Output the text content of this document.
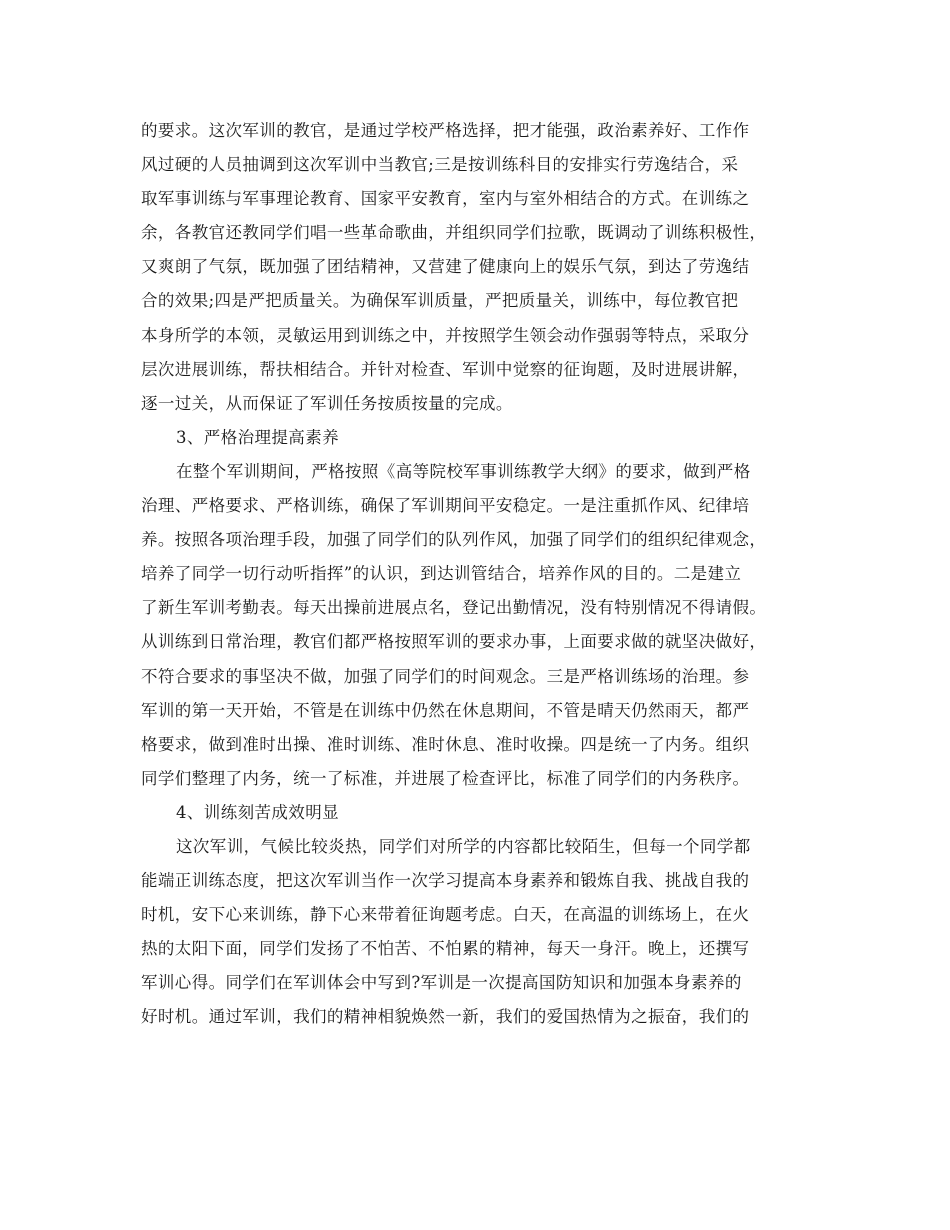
的要求。这次军训的教官，是通过学校严格选择，把才能强，政治素养好、工作作
风过硬的人员抽调到这次军训中当教官;三是按训练科目的安排实行劳逸结合，采
取军事训练与军事理论教育、国家平安教育，室内与室外相结合的方式。在训练之
余，各教官还教同学们唱一些革命歌曲，并组织同学们拉歌，既调动了训练积极性，
又爽朗了气氛，既加强了团结精神，又营建了健康向上的娱乐气氛，到达了劳逸结
合的效果;四是严把质量关。为确保军训质量，严把质量关，训练中，每位教官把
本身所学的本领，灵敏运用到训练之中，并按照学生领会动作强弱等特点，采取分
层次进展训练，帮扶相结合。并针对检查、军训中觉察的征询题，及时进展讲解，
逐一过关，从而保证了军训任务按质按量的完成。
3、严格治理提高素养
在整个军训期间，严格按照《高等院校军事训练教学大纲》的要求，做到严格
治理、严格要求、严格训练，确保了军训期间平安稳定。一是注重抓作风、纪律培
养。按照各项治理手段，加强了同学们的队列作风，加强了同学们的组织纪律观念，
培养了同学一切行动听指挥”的认识，到达训管结合，培养作风的目的。二是建立
了新生军训考勤表。每天出操前进展点名，登记出勤情况，没有特别情况不得请假。
从训练到日常治理，教官们都严格按照军训的要求办事，上面要求做的就坚决做好，
不符合要求的事坚决不做，加强了同学们的时间观念。三是严格训练场的治理。参
军训的第一天开始，不管是在训练中仍然在休息期间，不管是晴天仍然雨天，都严
格要求，做到准时出操、准时训练、准时休息、准时收操。四是统一了内务。组织
同学们整理了内务，统一了标准，并进展了检查评比，标准了同学们的内务秩序。
4、训练刻苦成效明显
这次军训，气候比较炎热，同学们对所学的内容都比较陌生，但每一个同学都
能端正训练态度，把这次军训当作一次学习提高本身素养和锻炼自我、挑战自我的
时机，安下心来训练，静下心来带着征询题考虑。白天，在高温的训练场上，在火
热的太阳下面，同学们发扬了不怕苦、不怕累的精神，每天一身汗。晚上，还撰写
军训心得。同学们在军训体会中写到?军训是一次提高国防知识和加强本身素养的
好时机。通过军训，我们的精神相貌焕然一新，我们的爱国热情为之振奋，我们的
